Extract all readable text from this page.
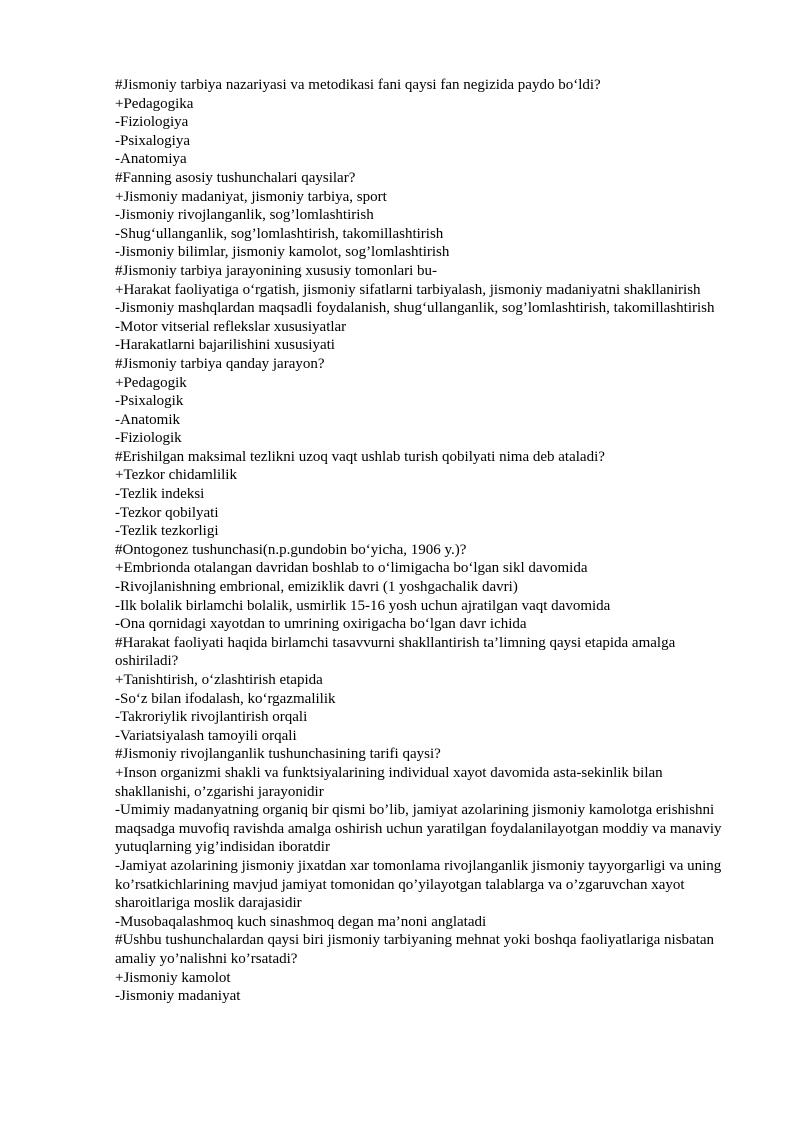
#Jismoniy tarbiya nazariyasi va metodikasi fani qaysi fan negizida paydo bo‘ldi?

+Pedagogika

-Fiziologiya

-Psixalogiya

-Anatomiya

#Fanning asosiy tushunchalari qaysilar?

+Jismoniy madaniyat, jismoniy tarbiya, sport

-Jismoniy rivojlanganlik, sog’lomlashtirish

-Shug‘ullanganlik, sog’lomlashtirish, takomillashtirish

-Jismoniy bilimlar, jismoniy kamolot, sog’lomlashtirish

#Jismoniy tarbiya jarayonining xususiy tomonlari bu-

+Harakat faoliyatiga o‘rgatish, jismoniy sifatlarni tarbiyalash, jismoniy madaniyatni shakllanirish

-Jismoniy mashqlardan maqsadli foydalanish, shug‘ullanganlik, sog’lomlashtirish, takomillashtirish

-Motor vitserial reflekslar xususiyatlar

-Harakatlarni bajarilishini xususiyati

#Jismoniy tarbiya qanday jarayon?

+Pedagogik

-Psixalogik

-Anatomik

-Fiziologik

#Erishilgan maksimal tezlikni uzoq vaqt ushlab turish qobilyati nima deb ataladi?

+Tezkor chidamlilik

-Tezlik indeksi

-Tezkor qobilyati

-Tezlik tezkorligi

#Ontogonez tushunchasi(n.p.gundobin bo‘yicha, 1906 y.)?

+Embrionda otalangan davridan boshlab to o‘limigacha bo‘lgan sikl davomida

-Rivojlanishning embrional, emiziklik davri (1 yoshgachalik davri)

-Ilk bolalik birlamchi bolalik, usmirlik 15-16 yosh uchun ajratilgan vaqt davomida

-Ona qornidagi xayotdan to umrining oxirigacha bo‘lgan davr ichida

#Harakat faoliyati haqida birlamchi tasavvurni shakllantirish ta’limning qaysi etapida amalga oshiriladi?

+Tanishtirish, o‘zlashtirish etapida

-So‘z bilan ifodalash, ko‘rgazmalilik

-Takroriylik rivojlantirish orqali

-Variatsiyalash tamoyili orqali

#Jismoniy rivojlanganlik tushunchasining tarifi qaysi?

+Inson organizmi shakli va funktsiyalarining individual xayot davomida asta-sekinlik bilan shakllanishi, o’zgarishi jarayonidir

-Umimiy madanyatning organiq bir qismi bo’lib, jamiyat azolarining jismoniy kamolotga erishishni maqsadga muvofiq ravishda amalga oshirish uchun yaratilgan foydalanilayotgan moddiy va manaviy yutuqlarning yig’indisidan iboratdir

-Jamiyat azolarining jismoniy jixatdan xar tomonlama rivojlanganlik jismoniy tayyorgarligi va uning ko’rsatkichlarining mavjud jamiyat tomonidan qo’yilayotgan talablarga va o’zgaruvchan xayot sharoitlariga moslik darajasidir

-Musobaqalashmoq kuch sinashmoq degan ma’noni anglatadi

#Ushbu tushunchalardan qaysi biri jismoniy tarbiyaning mehnat yoki boshqa faoliyatlariga nisbatan amaliy yo’nalishni ko’rsatadi?

+Jismoniy kamolot

-Jismoniy madaniyat
